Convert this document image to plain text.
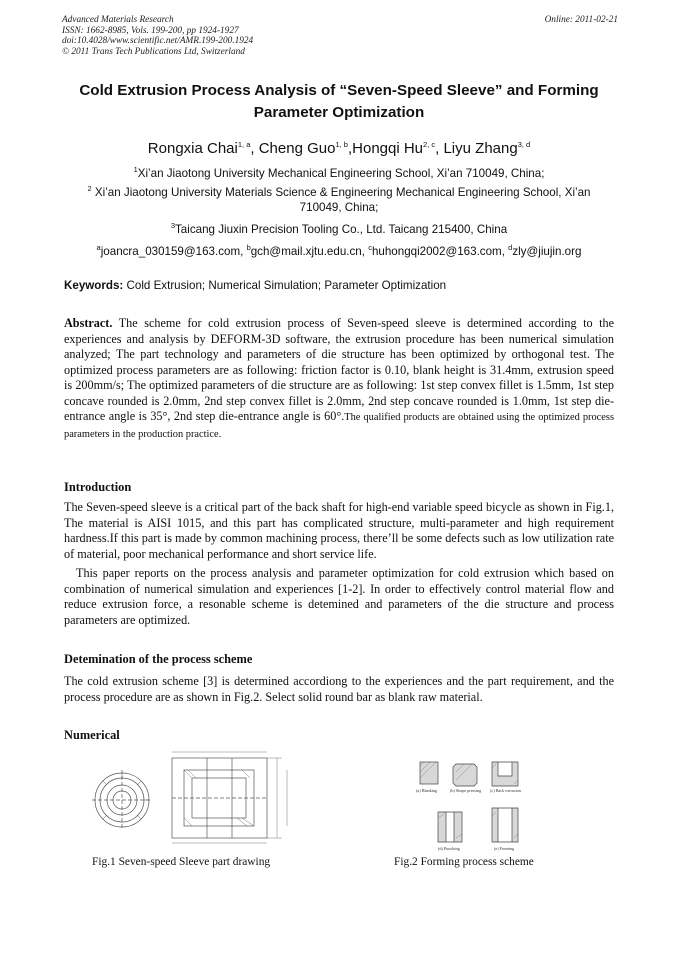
Advanced Materials Research	Online: 2011-02-21
ISSN: 1662-8985, Vols. 199-200, pp 1924-1927
doi:10.4028/www.scientific.net/AMR.199-200.1924
© 2011 Trans Tech Publications Ltd, Switzerland
Cold Extrusion Process Analysis of “Seven-Speed Sleeve” and Forming
Parameter Optimization
Rongxia Chai$^{1, a}$, Cheng Guo$^{1, b}$,Hongqi Hu$^{2, c}$, Liyu Zhang$^{3, d}$
$^1$Xi’an Jiaotong University Mechanical Engineering School, Xi’an 710049, China;
$^2$ Xi’an Jiaotong University Materials Science & Engineering Mechanical Engineering School, Xi’an
710049, China;
$^3$Taicang Jiuxin Precision Tooling Co., Ltd. Taicang 215400, China
$^a$joancra_030159@163.com, $^b$gch@mail.xjtu.edu.cn, $^c$huhongqi2002@163.com, $^d$zly@jiujin.org
Keywords: Cold Extrusion; Numerical Simulation; Parameter Optimization
Abstract. The scheme for cold extrusion process of Seven-speed sleeve is determined according to the experiences and analysis by DEFORM-3D software, the extrusion procedure has been numerical simulation analyzed; The part technology and parameters of die structure has been optimized by orthogonal test. The optimized process parameters are as following: friction factor is 0.10, blank height is 31.4mm, extrusion speed is 200mm/s; The optimized parameters of die structure are as following: 1st step convex fillet is 1.5mm, 1st step concave rounded is 2.0mm, 2nd step convex fillet is 2.0mm, 2nd step concave rounded is 1.0mm, 1st step die-entrance angle is 35°, 2nd step die-entrance angle is 60°.The qualified products are obtained using the optimized process parameters in the production practice.
Introduction
The Seven-speed sleeve is a critical part of the back shaft for high-end variable speed bicycle as shown in Fig.1, The material is AISI 1015, and this part has complicated structure, multi-parameter and high requirement hardness.If this part is made by common machining process, there’ll be some defects such as low utilization rate of material, poor mechanical performance and short service life.
This paper reports on the process analysis and parameter optimization for cold extrusion which based on combination of numerical simulation and experiences [1-2]. In order to effectively control material flow and reduce extrusion force, a resonable scheme is detemined and parameters of the die structure and process parameters are optimized.
Detemination of the process scheme
The cold extrusion scheme [3] is determined accordiong to the experiences and the part requirement, and the process procedure are as shown in Fig.2. Select solid round bar as blank raw material.
Numerical
Fig.1 Seven-speed Sleeve part drawing
(a) Blanking	(b) Shape pressing (c) Back extrusion
(d) Punching	(e) Forming
Fig.2 Forming process scheme
